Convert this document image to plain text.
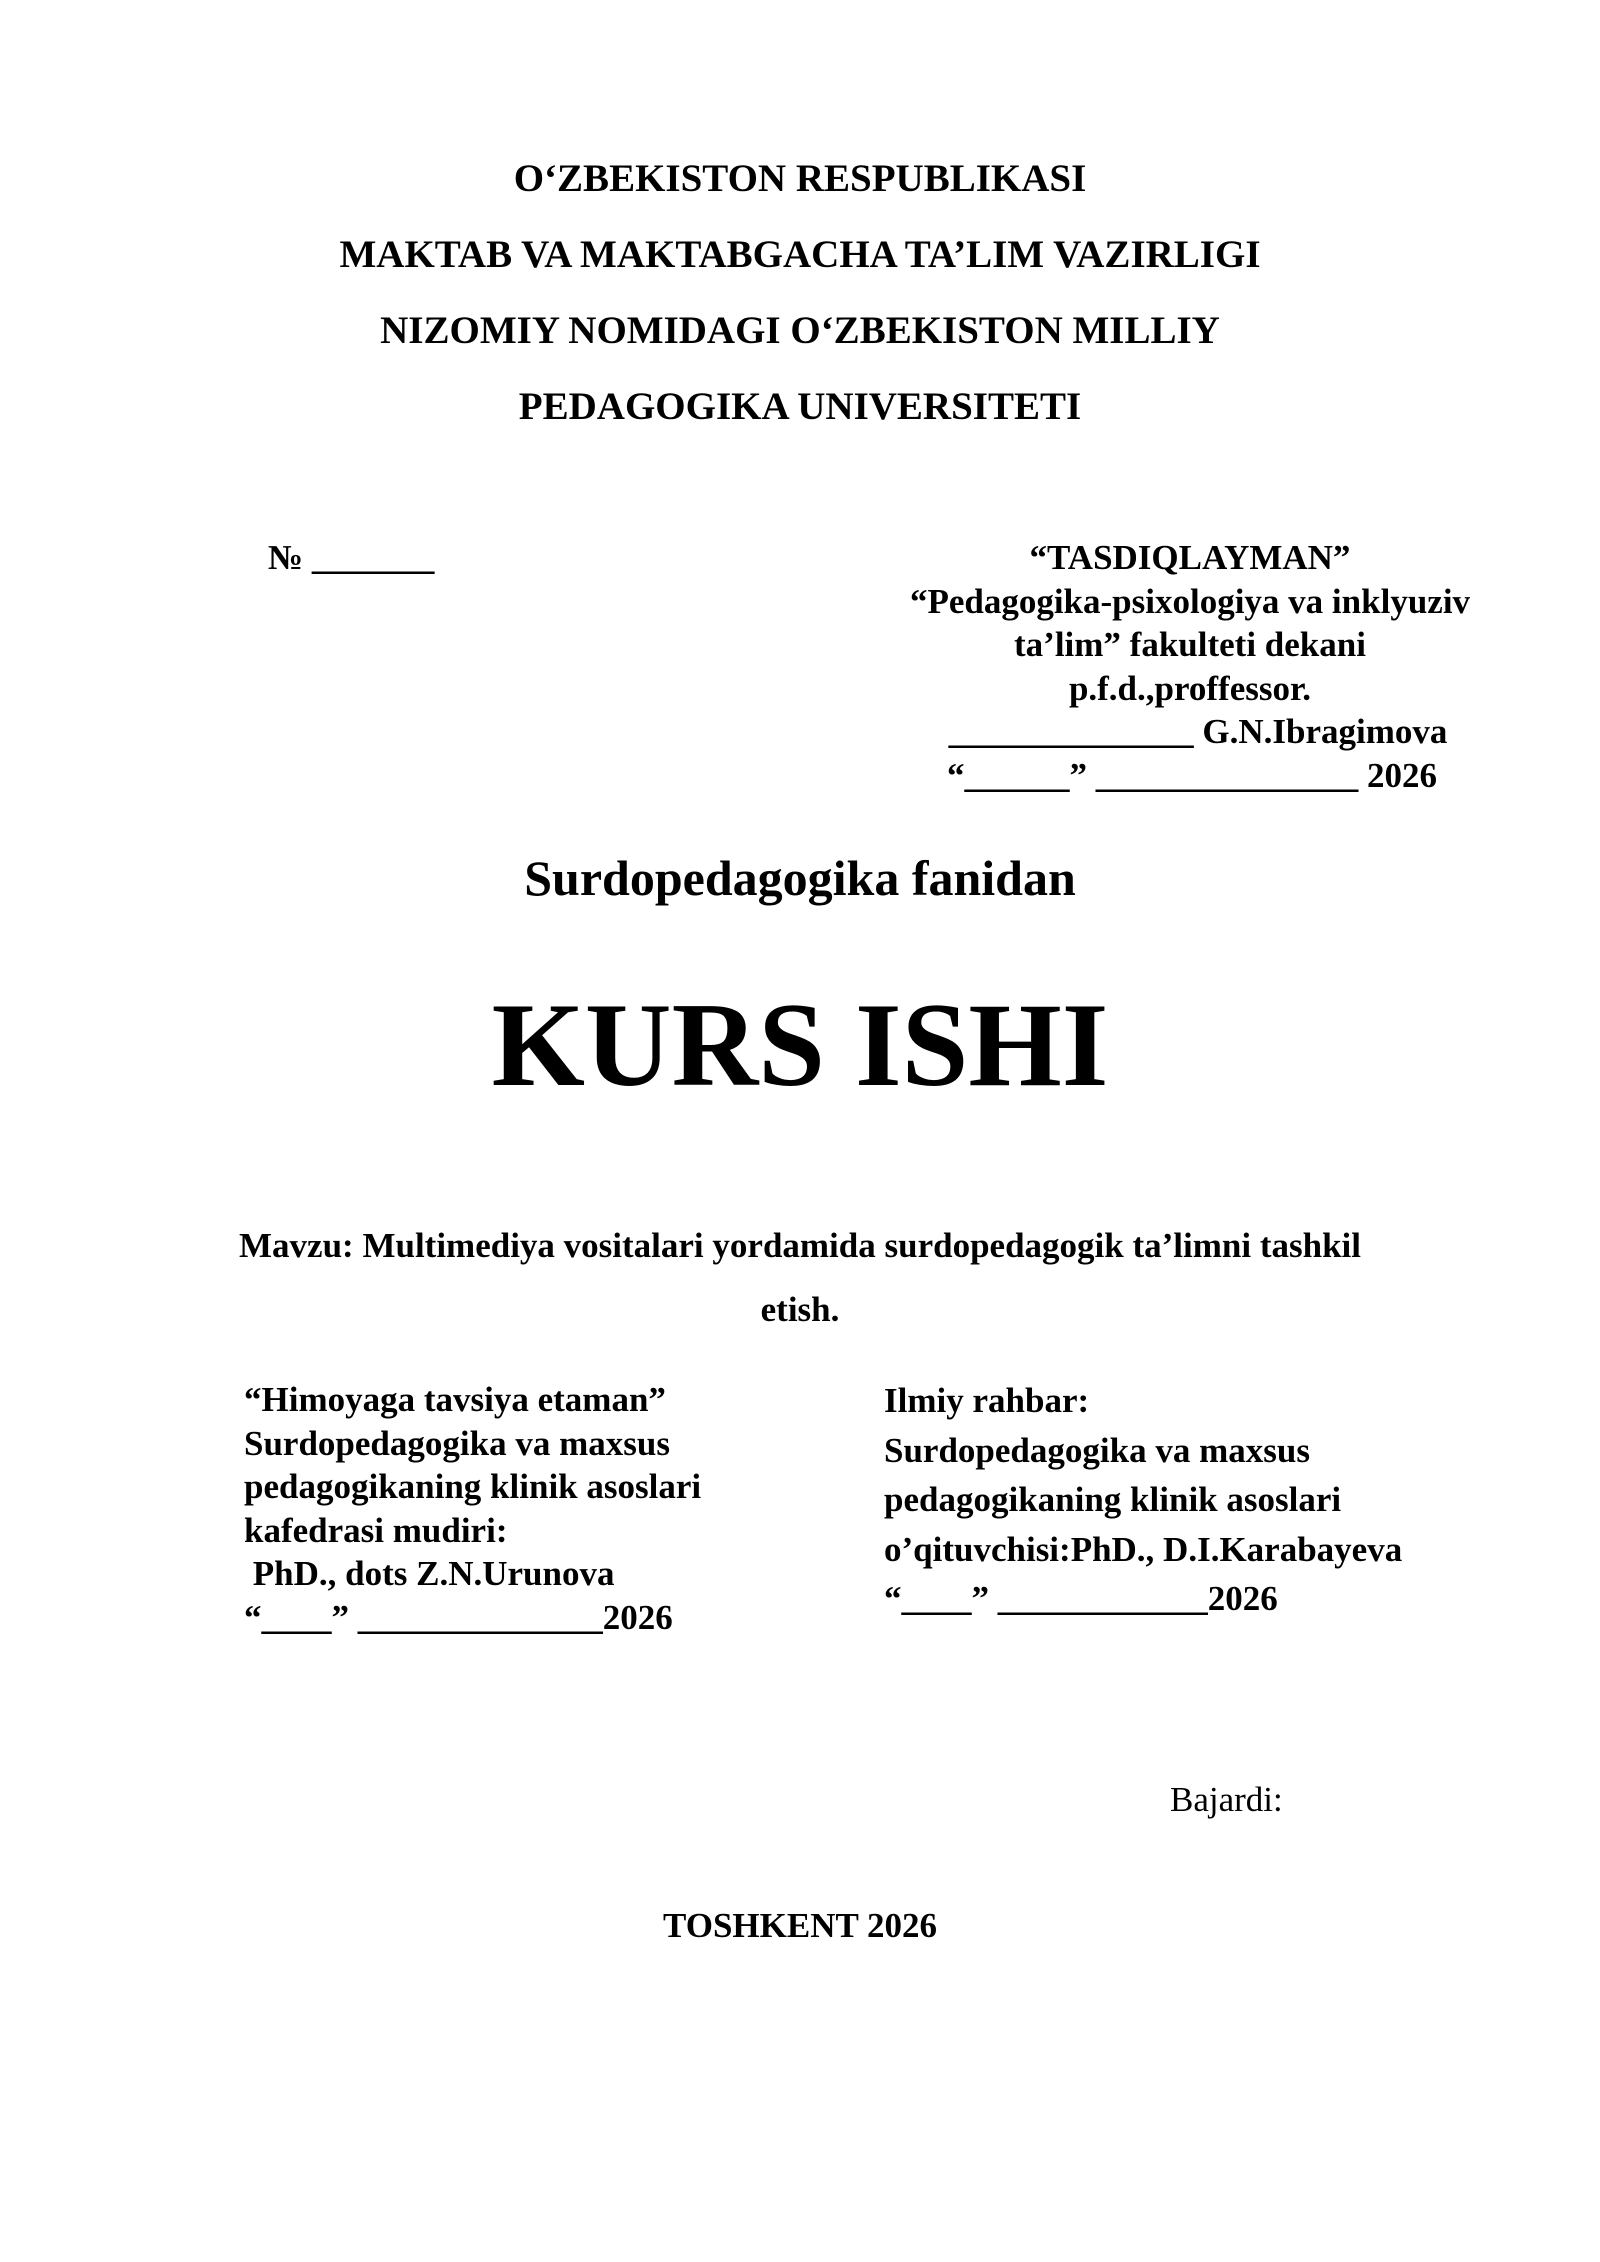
O‘ZBEKISTON RESPUBLIKASI
MAKTAB VA MAKTABGACHA TA’LIM VAZIRLIGI
NIZOMIY NOMIDAGI O‘ZBEKISTON MILLIY
PEDAGOGIKA UNIVERSITETI
№ _______	“TASDIQLAYMAN”
“Pedagogika-psixologiya va inklyuziv
ta’lim” fakulteti dekani
p.f.d.,proffessor.
______________ G.N.Ibragimova
“______” _______________ 2026
Surdopedagogika fanidan
KURS ISHI
Mavzu: Multimediya vositalari yordamida surdopedagogik ta’limni tashkil
etish.
“Himoyaga tavsiya etaman”
Surdopedagogika va maxsus
pedagogikaning klinik asoslari
kafedrasi mudiri:
PhD., dots Z.N.Urunova
“____” ______________2026
Ilmiy rahbar:
Surdopedagogika va maxsus
pedagogikaning klinik asoslari
o’qituvchisi:PhD., D.I.Karabayeva
“____” ____________2026
Bajardi:
TOSHKENT 2026
